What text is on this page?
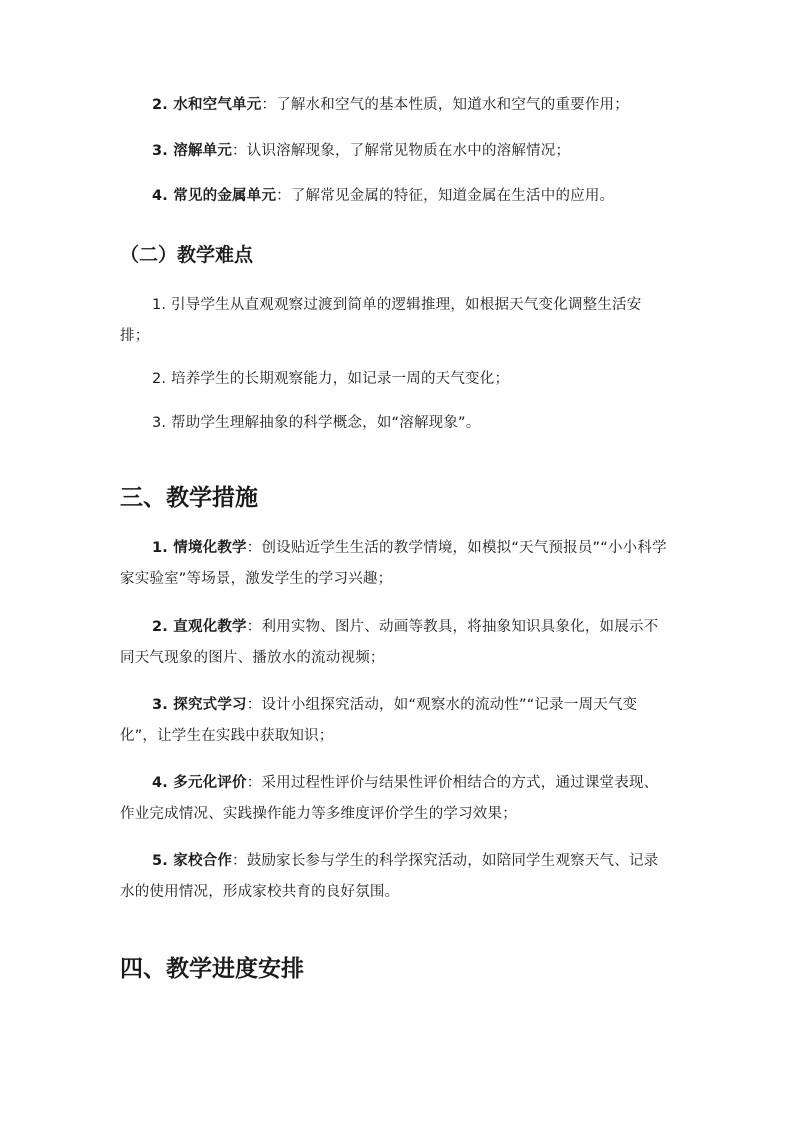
2. 水和空气单元：了解水和空气的基本性质，知道水和空气的重要作用；

3. 溶解单元：认识溶解现象，了解常见物质在水中的溶解情况；

4. 常见的金属单元：了解常见金属的特征，知道金属在生活中的应用。

（二）教学难点

1. 引导学生从直观观察过渡到简单的逻辑推理，如根据天气变化调整生活安排；

2. 培养学生的长期观察能力，如记录一周的天气变化；

3. 帮助学生理解抽象的科学概念，如“溶解现象”。

三、教学措施

1. 情境化教学：创设贴近学生生活的教学情境，如模拟“天气预报员”“小小科学家实验室”等场景，激发学生的学习兴趣；

2. 直观化教学：利用实物、图片、动画等教具，将抽象知识具象化，如展示不同天气现象的图片、播放水的流动视频；

3. 探究式学习：设计小组探究活动，如“观察水的流动性”“记录一周天气变化”，让学生在实践中获取知识；

4. 多元化评价：采用过程性评价与结果性评价相结合的方式，通过课堂表现、作业完成情况、实践操作能力等多维度评价学生的学习效果；

5. 家校合作：鼓励家长参与学生的科学探究活动，如陪同学生观察天气、记录水的使用情况，形成家校共育的良好氛围。

四、教学进度安排
